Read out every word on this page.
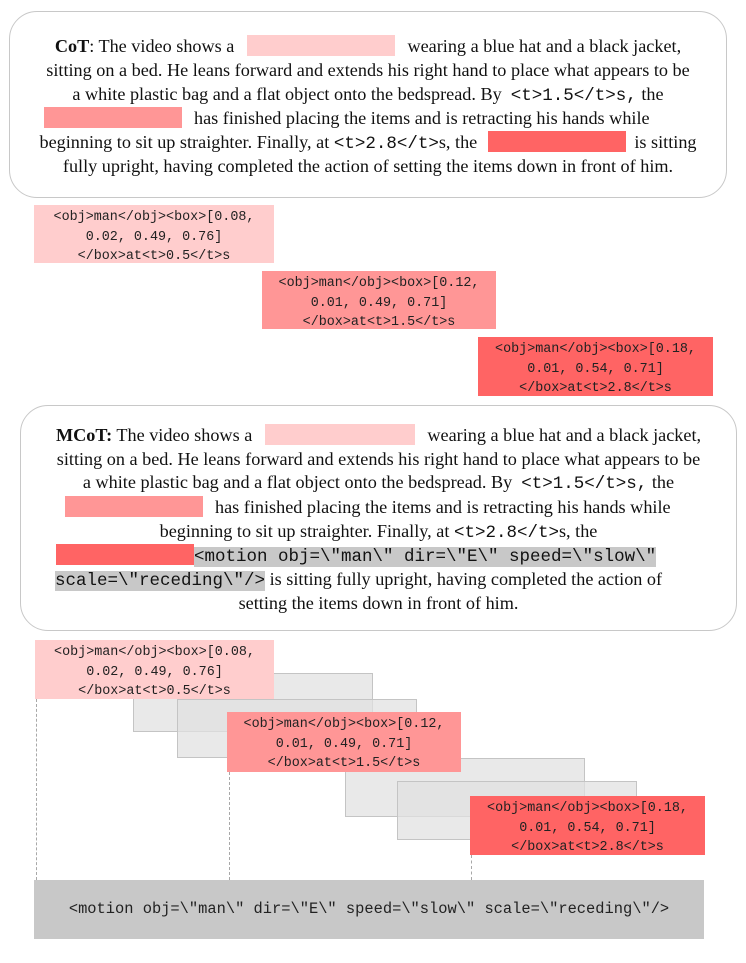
CoT: The video shows a	wearing a blue hat and a black jacket,
sitting on a bed. He leans forward and extends his right hand to place what appears to be
a white plastic bag and a flat object onto the bedspread. By <t>1.5</t>s, the
has finished placing the items and is retracting his hands while
beginning to sit up straighter. Finally, at <t>2.8</t>s, the	is sitting
fully upright, having completed the action of setting the items down in front of him.
<obj>man</obj><box>[0.08,
0.02, 0.49, 0.76]
</box>at<t>0.5</t>s
<obj>man</obj><box>[0.12,
0.01, 0.49, 0.71]
</box>at<t>1.5</t>s
<obj>man</obj><box>[0.18,
0.01, 0.54, 0.71]
</box>at<t>2.8</t>s
MCoT: The video shows a	wearing a blue hat and a black jacket,
sitting on a bed. He leans forward and extends his right hand to place what appears to be
a white plastic bag and a flat object onto the bedspread. By <t>1.5</t>s, the
has finished placing the items and is retracting his hands while
beginning to sit up straighter. Finally, at <t>2.8</t>s, the
<motion obj=\"man\" dir=\"E\" speed=\"slow\"
scale=\"receding\"/> is sitting fully upright, having completed the action of
setting the items down in front of him.
<obj>man</obj><box>[0.08,
0.02, 0.49, 0.76]
</box>at<t>0.5</t>s
<obj>man</obj><box>[0.12,
0.01, 0.49, 0.71]
</box>at<t>1.5</t>s
<obj>man</obj><box>[0.18,
0.01, 0.54, 0.71]
</box>at<t>2.8</t>s
<motion obj=\"man\" dir=\"E\" speed=\"slow\" scale=\"receding\"/>
